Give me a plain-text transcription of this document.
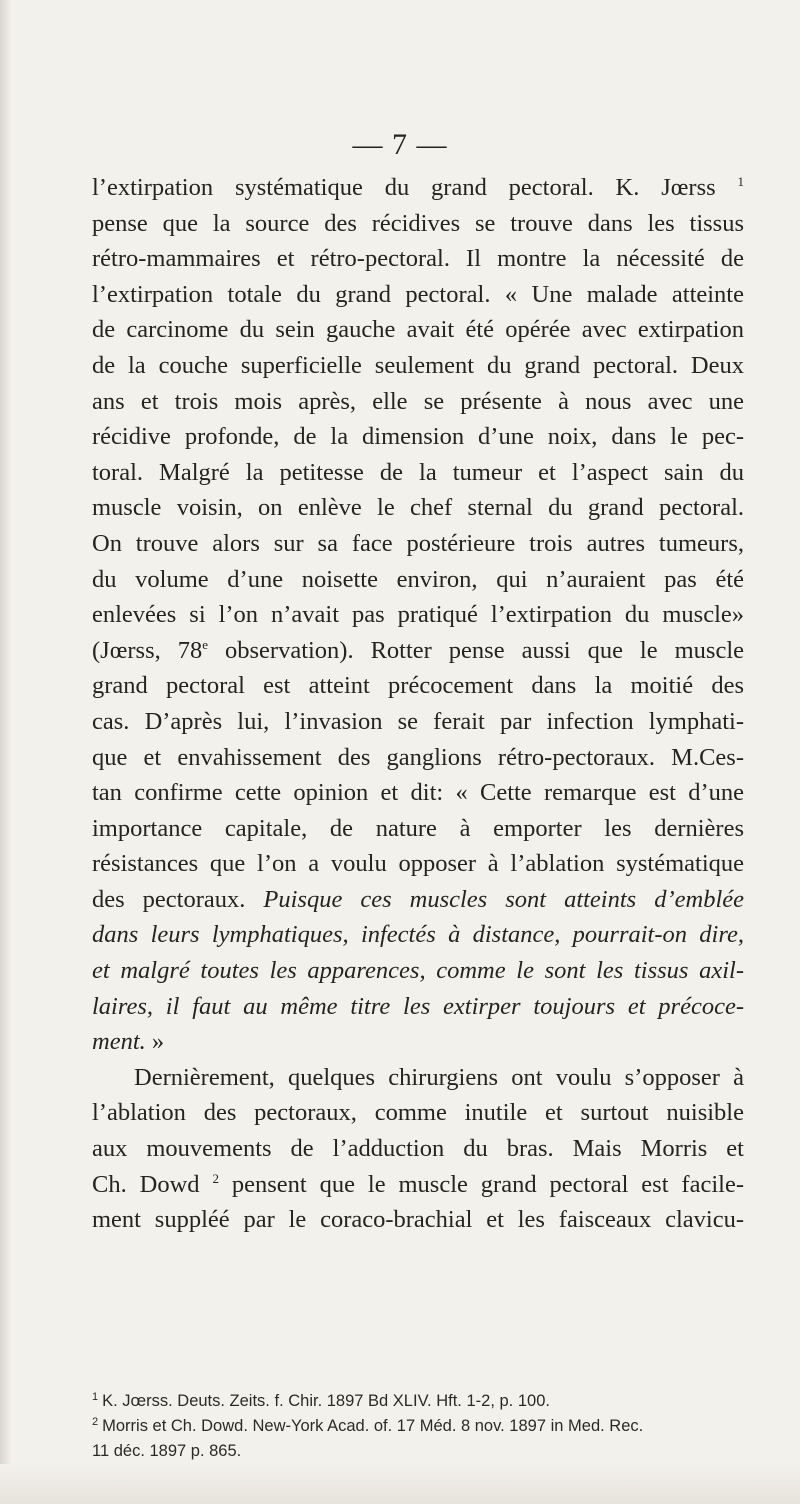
— 7 —
l’extirpation systématique du grand pectoral. K. Jœrss $^1$
pense que la source des récidives se trouve dans les tissus
rétro-mammaires et rétro-pectoral. Il montre la nécessité de
l’extirpation totale du grand pectoral. « Une malade atteinte
de carcinome du sein gauche avait été opérée avec extirpation
de la couche superficielle seulement du grand pectoral. Deux
ans et trois mois après, elle se présente à nous avec une
récidive profonde, de la dimension d’une noix, dans le pec-
toral. Malgré la petitesse de la tumeur et l’aspect sain du
muscle voisin, on enlève le chef sternal du grand pectoral.
On trouve alors sur sa face postérieure trois autres tumeurs,
du volume d’une noisette environ, qui n’auraient pas été
enlevées si l’on n’avait pas pratiqué l’extirpation du muscle»
(Jœrss, 78e observation). Rotter pense aussi que le muscle
grand pectoral est atteint précocement dans la moitié des
cas. D’après lui, l’invasion se ferait par infection lymphati-
que et envahissement des ganglions rétro-pectoraux. M.Ces-
tan confirme cette opinion et dit: « Cette remarque est d’une
importance capitale, de nature à emporter les dernières
résistances que l’on a voulu opposer à l’ablation systématique
des pectoraux. Puisque ces muscles sont atteints d’emblée
dans leurs lymphatiques, infectés à distance, pourrait-on dire,
et malgré toutes les apparences, comme le sont les tissus axil-
laires, il faut au même titre les extirper toujours et précoce-
ment. »
Dernièrement, quelques chirurgiens ont voulu s’opposer à
l’ablation des pectoraux, comme inutile et surtout nuisible
aux mouvements de l’adduction du bras. Mais Morris et
Ch. Dowd $^2$ pensent que le muscle grand pectoral est facile-
ment suppléé par le coraco-brachial et les faisceaux clavicu-
$^1$ K. Jœrss. Deuts. Zeits. f. Chir. 1897 Bd XLIV. Hft. 1-2, p. 100.
$^2$ Morris et Ch. Dowd. New-York Acad. of. 17 Méd. 8 nov. 1897 in Med. Rec.
11 déc. 1897 p. 865.
